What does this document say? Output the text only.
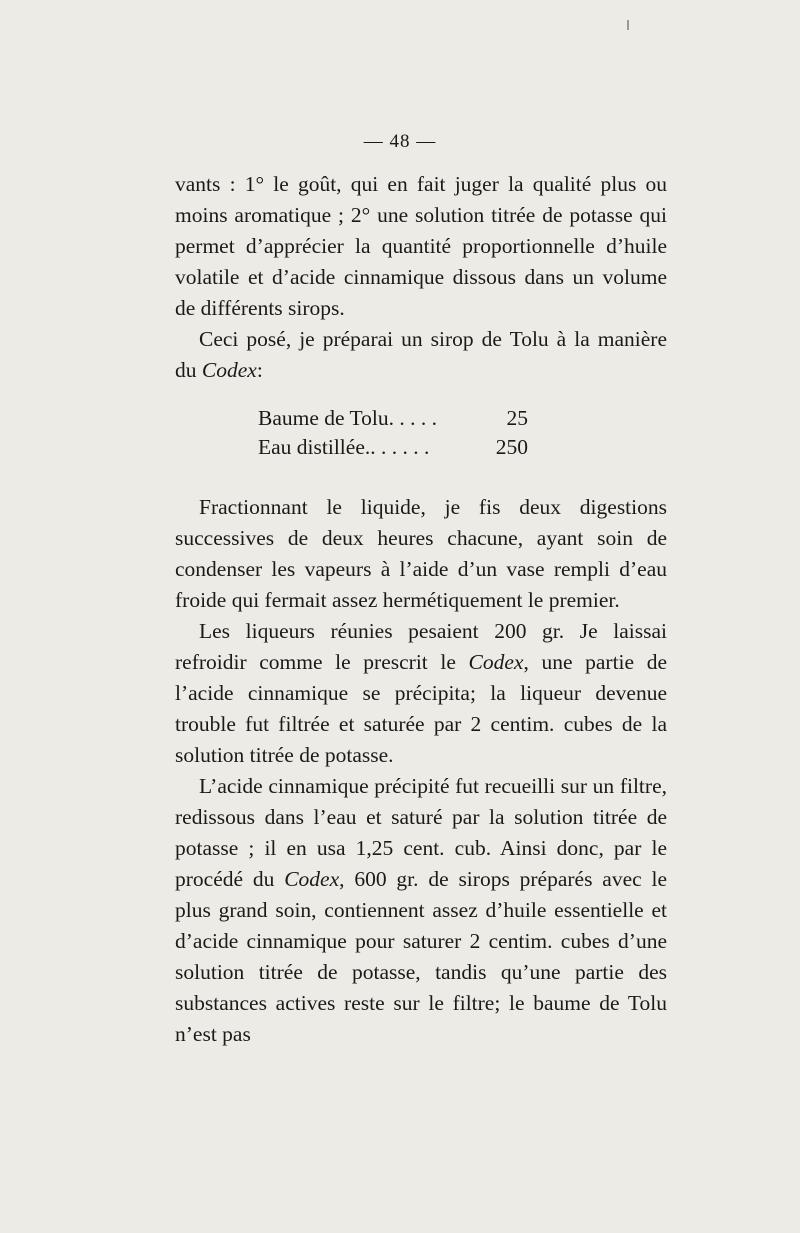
— 48 —

vants : 1° le goût, qui en fait juger la qualité plus ou moins aromatique ; 2° une solution titrée de potasse qui permet d’apprécier la quantité proportionnelle d’huile volatile et d’acide cinnamique dissous dans un volume de différents sirops.

Ceci posé, je préparai un sirop de Tolu à la manière du Codex:

Baume de Tolu. . . . .	25
Eau distillée.. . . . . .	250

Fractionnant le liquide, je fis deux digestions successives de deux heures chacune, ayant soin de condenser les vapeurs à l’aide d’un vase rempli d’eau froide qui fermait assez hermétiquement le premier.

Les liqueurs réunies pesaient 200 gr. Je laissai refroidir comme le prescrit le Codex, une partie de l’acide cinnamique se précipita; la liqueur devenue trouble fut filtrée et saturée par 2 centim. cubes de la solution titrée de potasse.

L’acide cinnamique précipité fut recueilli sur un filtre, redissous dans l’eau et saturé par la solution titrée de potasse ; il en usa 1,25 cent. cub. Ainsi donc, par le procédé du Codex, 600 gr. de sirops préparés avec le plus grand soin, contiennent assez d’huile essentielle et d’acide cinnamique pour saturer 2 centim. cubes d’une solution titrée de potasse, tandis qu’une partie des substances actives reste sur le filtre; le baume de Tolu n’est pas
